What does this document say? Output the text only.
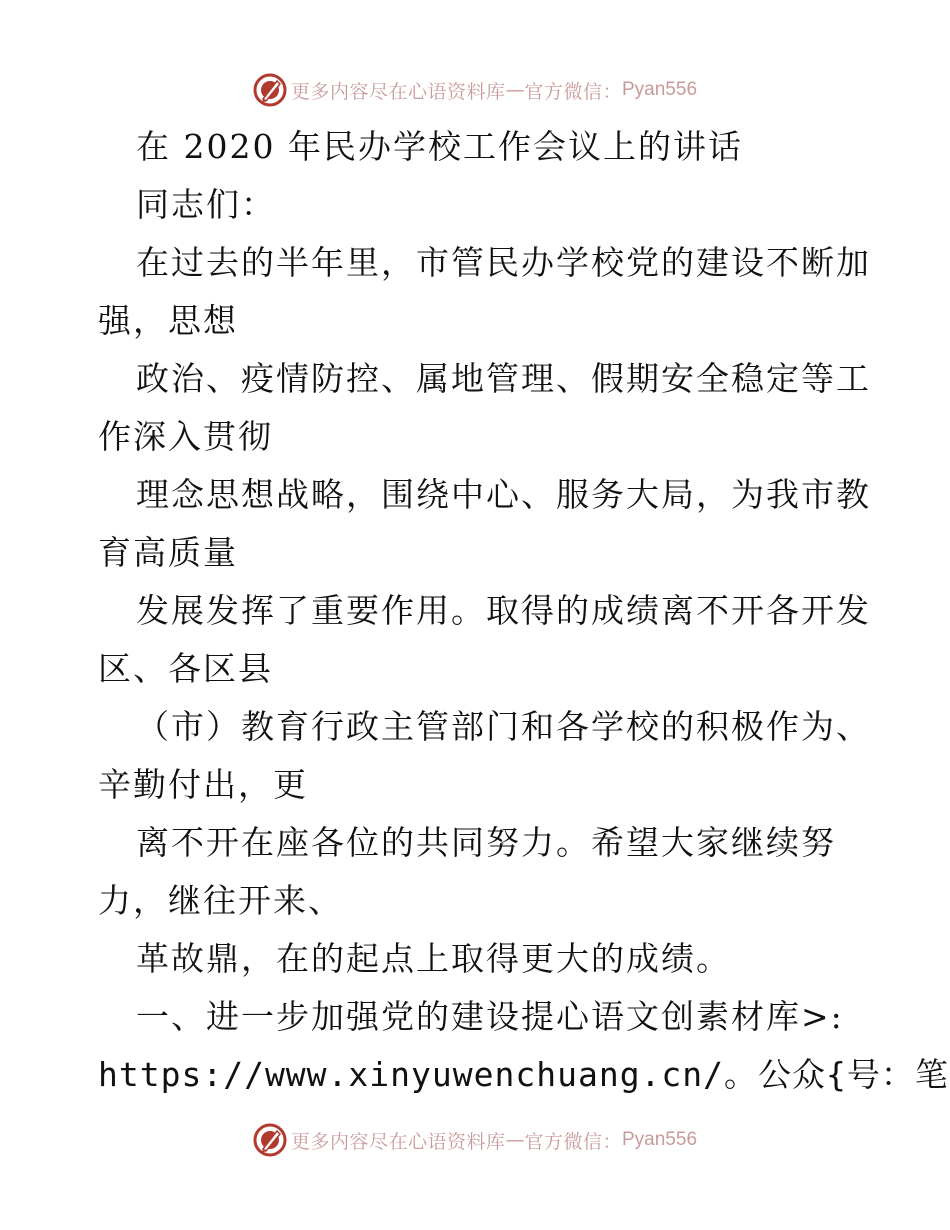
更多内容尽在心语资料库 — 官方微信： Pyan556
在 2020 年民办学校工作会议上的讲话
同志们：
在过去的半年里，市管民办学校党的建设不断加
强，思想
政治、疫情防控、属地管理、假期安全稳定等工
作深入贯彻
理念思想战略，围绕中心、服务大局，为我市教
育高质量
发展发挥了重要作用。取得的成绩离不开各开发
区、各区县
（市）教育行政主管部门和各学校的积极作为、
辛勤付出，更
离不开在座各位的共同努力。希望大家继续努
力，继往开来、
革故鼎，在的起点上取得更大的成绩。
一、进一步加强党的建设提心语文创素材库>:
https://www.xinyuwenchuang.cn/。公众{号：笔
更多内容尽在心语资料库 — 官方微信： Pyan556
